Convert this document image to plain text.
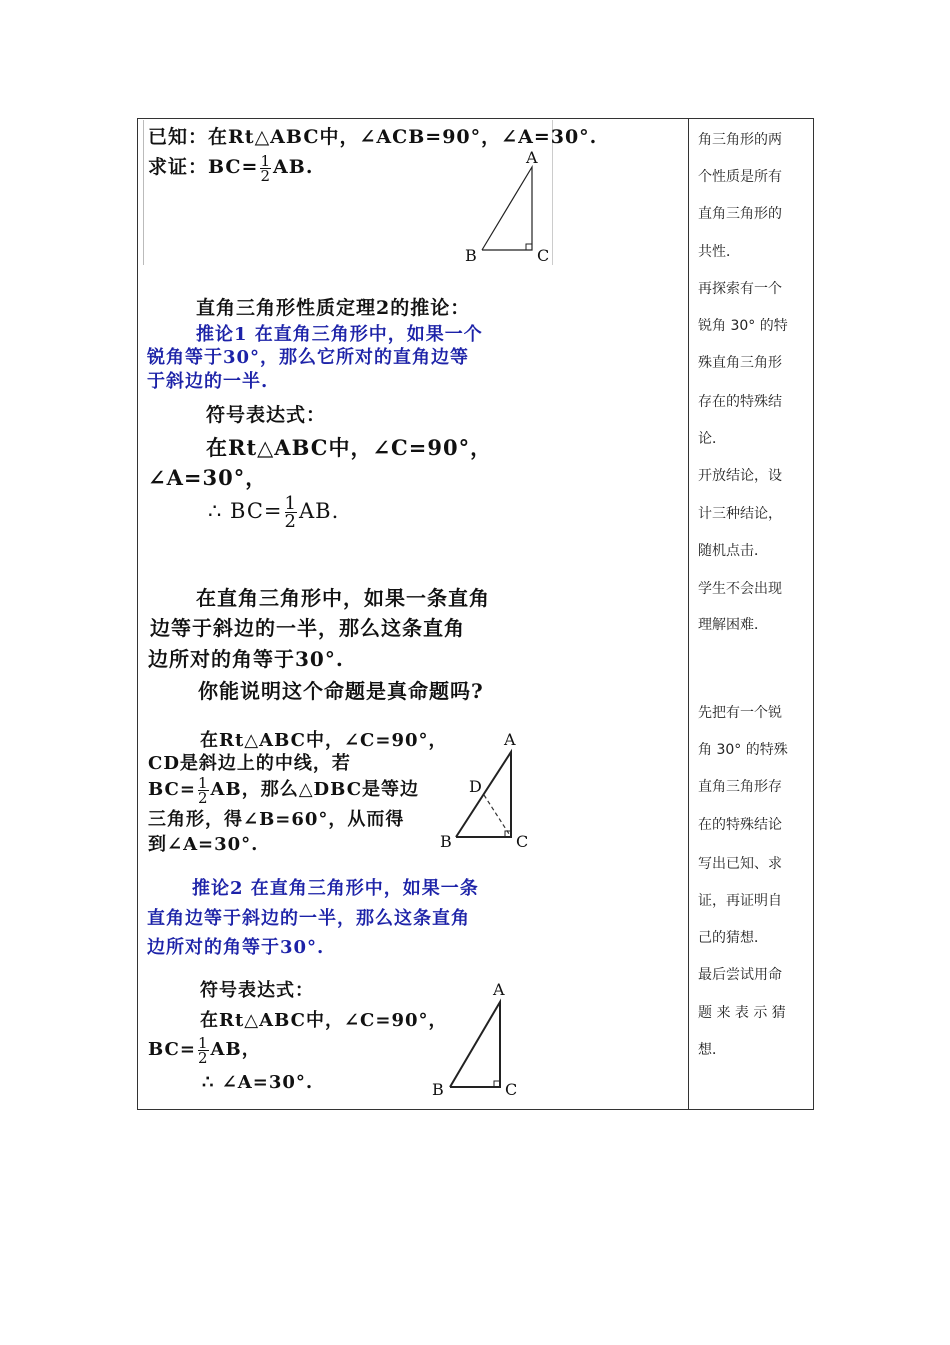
已知：在Rt△ABC中，∠ACB=90°，∠A=30°.
求证：$BC= \frac{1}{2}$ AB.	A
B	C
直角三角形性质定理2的推论：
推论1 在直角三角形中，如果一个
锐角等于30°，那么它所对的直角边等
于斜边的一半.
符号表达式：
在Rt△ABC中，∠C=90°，
∠A=30°，
∴ $BC= \frac{1}{2}$ AB.
在直角三角形中，如果一条直角
边等于斜边的一半，那么这条直角
边所对的角等于30°.
你能说明这个命题是真命题吗?
在Rt△ABC中，∠C=90°，
CD是斜边上的中线，若
$BC= \frac{1}{2}$ AB，那么△DBC是等边
三角形，得∠B=60°，从而得
到∠A=30°.
A
D
B	C
推论2 在直角三角形中，如果一条
直角边等于斜边的一半，那么这条直角
边所对的角等于30°.
符号表达式：
在Rt△ABC中，∠C=90°，
$BC= \frac{1}{2}$ AB，
∴ ∠A=30°.
A
B	C
角三角形的两
个性质是所有
直角三角形的
共性．
再探索有一个
锐角 30° 的特
殊直角三角形
存在的特殊结
论．
开放结论，设
计三种结论，
随机点击．
学生不会出现
理解困难．
先把有一个锐
角 30° 的特殊
直角三角形存
在的特殊结论
写出已知、求
证，再证明自
己的猜想．
最后尝试用命
题 来 表 示 猜
想．
